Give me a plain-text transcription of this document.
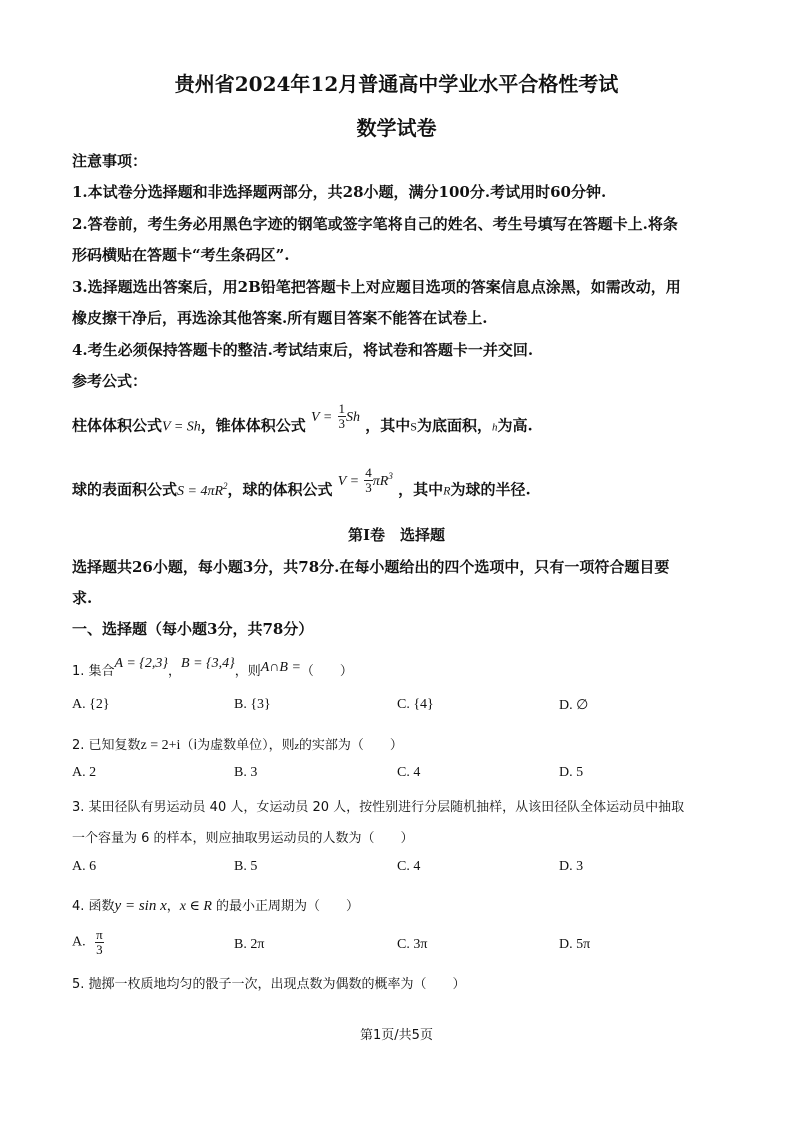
贵州省2024年12月普通高中学业水平合格性考试
数学试卷
注意事项：
1.本试卷分选择题和非选择题两部分，共28小题，满分100分.考试用时60分钟.
2.答卷前，考生务必用黑色字迹的钢笔或签字笔将自己的姓名、考生号填写在答题卡上.将条
形码横贴在答题卡“考生条码区”.
3.选择题选出答案后，用2B铅笔把答题卡上对应题目选项的答案信息点涂黑，如需改动，用
橡皮擦干净后，再选涂其他答案.所有题目答案不能答在试卷上.
4.考生必须保持答题卡的整洁.考试结束后，将试卷和答题卡一并交回.
参考公式：
柱体体积公式V = Sh，锥体体积公式 $V = \frac{1}{3}$ Sh ，其中S为底面积，h为高.
球的表面积公式$S = 4\pi R^2$，球的体积公式 $V = \frac{4}{3} \pi R^3$ ，其中R为球的半径.
第Ⅰ卷　选择题
选择题共26小题，每小题3分，共78分.在每小题给出的四个选项中，只有一项符合题目要
求.
一、选择题（每小题3分，共78分）
1. 集合A = {2,3}，B = {3,4}，则A∩B =（　　）
A. {2}	B. {3}	C. {4}	D. ∅
2. 已知复数z = 2+i（i为虚数单位），则z的实部为（　　）
A. 2	B. 3	C. 4	D. 5
3. 某田径队有男运动员 40 人，女运动员 20 人，按性别进行分层随机抽样，从该田径队全体运动员中抽取
一个容量为 6 的样本，则应抽取男运动员的人数为（　　）
A. 6	B. 5	C. 4	D. 3
4. 函数y = sin x，x ∈ R 的最小正周期为（　　）
A. $\frac{\pi}{3}$	B. 2π	C. 3π	D. 5π
5. 抛掷一枚质地均匀的骰子一次，出现点数为偶数的概率为（　　）
第1页/共5页
